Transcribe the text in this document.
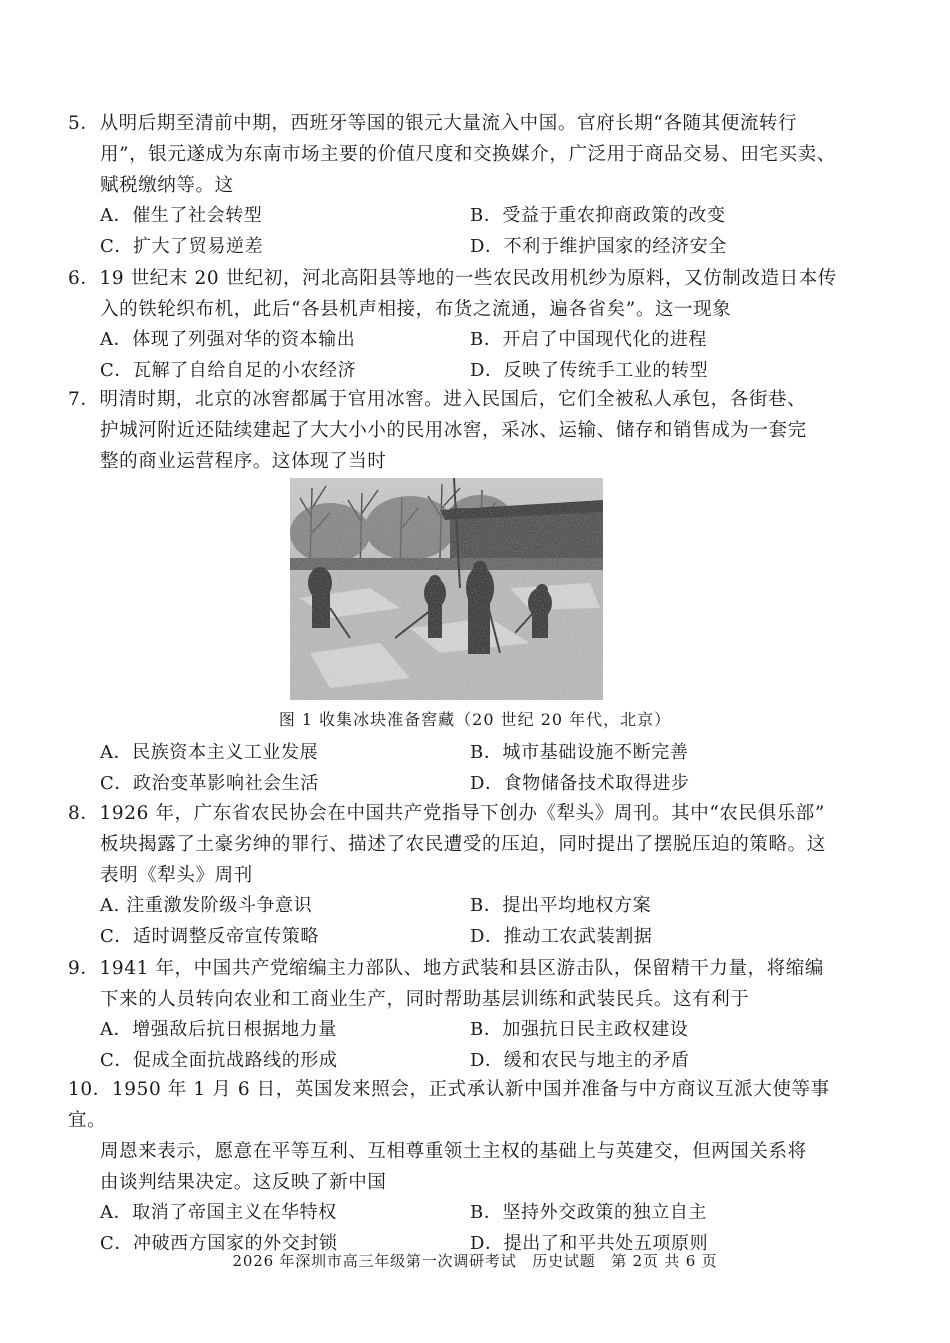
5．从明后期至清前中期，西班牙等国的银元大量流入中国。官府长期“各随其便流转行
用”，银元遂成为东南市场主要的价值尺度和交换媒介，广泛用于商品交易、田宅买卖、
赋税缴纳等。这
A．催生了社会转型	B．受益于重农抑商政策的改变
C．扩大了贸易逆差	D．不利于维护国家的经济安全
6．19 世纪末 20 世纪初，河北高阳县等地的一些农民改用机纱为原料，又仿制改造日本传
入的铁轮织布机，此后“各县机声相接，布货之流通，遍各省矣”。这一现象
A．体现了列强对华的资本输出	B．开启了中国现代化的进程
C．瓦解了自给自足的小农经济	D．反映了传统手工业的转型
7．明清时期，北京的冰窖都属于官用冰窖。进入民国后，它们全被私人承包，各街巷、
护城河附近还陆续建起了大大小小的民用冰窖，采冰、运输、储存和销售成为一套完
整的商业运营程序。这体现了当时
图 1 收集冰块准备窖藏（20 世纪 20 年代，北京）
A．民族资本主义工业发展	B．城市基础设施不断完善
C．政治变革影响社会生活	D．食物储备技术取得进步
8．1926 年，广东省农民协会在中国共产党指导下创办《犁头》周刊。其中“农民俱乐部”
板块揭露了土豪劣绅的罪行、描述了农民遭受的压迫，同时提出了摆脱压迫的策略。这
表明《犁头》周刊
A. 注重激发阶级斗争意识	B．提出平均地权方案
C．适时调整反帝宣传策略	D．推动工农武装割据
9．1941 年，中国共产党缩编主力部队、地方武装和县区游击队，保留精干力量，将缩编
下来的人员转向农业和工商业生产，同时帮助基层训练和武装民兵。这有利于
A．增强敌后抗日根据地力量	B．加强抗日民主政权建设
C．促成全面抗战路线的形成	D．缓和农民与地主的矛盾
10．1950 年 1 月 6 日，英国发来照会，正式承认新中国并准备与中方商议互派大使等事宜。
周恩来表示，愿意在平等互利、互相尊重领土主权的基础上与英建交，但两国关系将
由谈判结果决定。这反映了新中国
A．取消了帝国主义在华特权	B．坚持外交政策的独立自主
C．冲破西方国家的外交封锁	D．提出了和平共处五项原则
2026 年深圳市高三年级第一次调研考试　历史试题　第 2页 共 6 页
